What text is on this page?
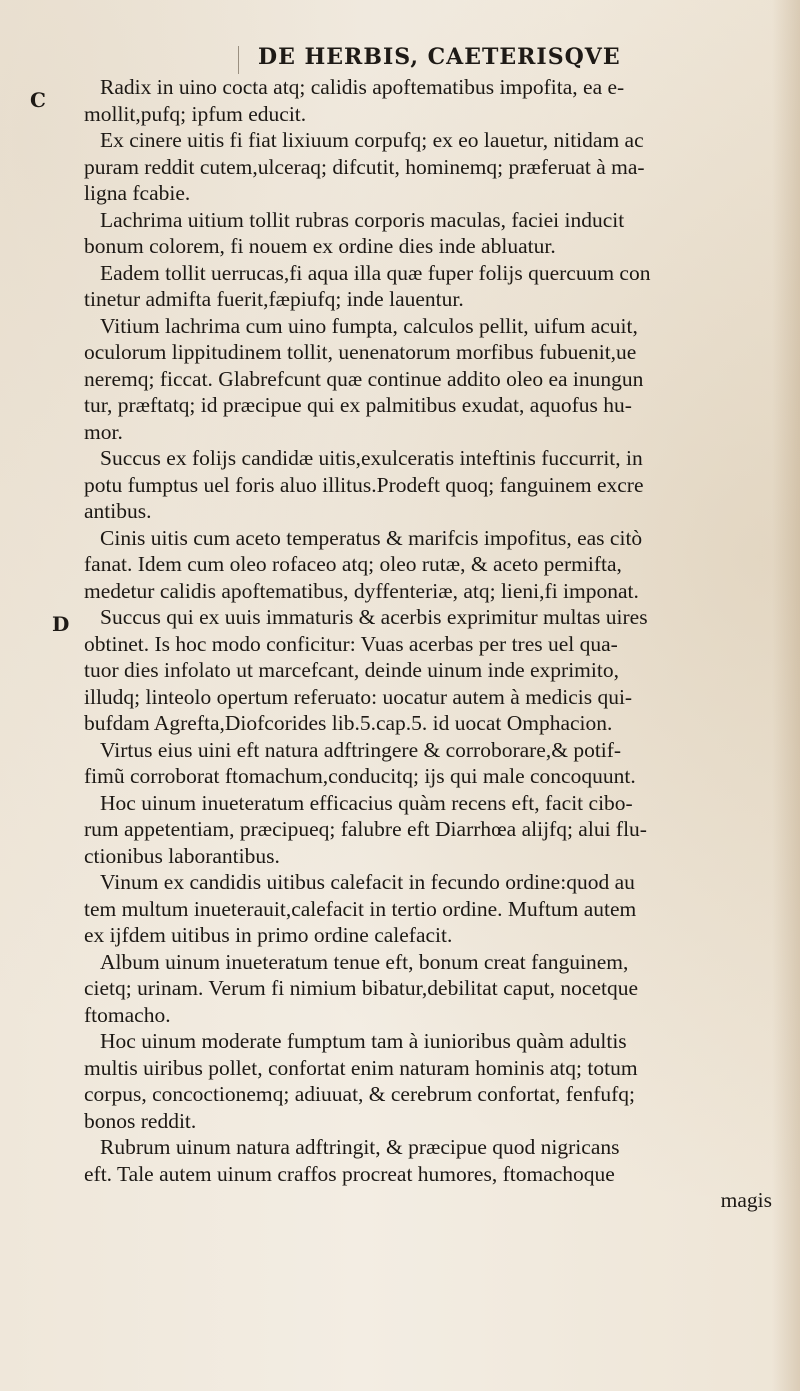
DE HERBIS, CAETERISQVE
C
D
Radix in uino cocta atq; calidis apoftematibus impofita, ea e-
mollit,pufq; ipfum educit.
Ex cinere uitis fi fiat lixiuum corpufq; ex eo lauetur, nitidam ac
puram reddit cutem,ulceraq; difcutit, hominemq; præferuat à ma-
ligna fcabie.
Lachrima uitium tollit rubras corporis maculas, faciei inducit
bonum colorem, fi nouem ex ordine dies inde abluatur.
Eadem tollit uerrucas,fi aqua illa quæ fuper folijs quercuum con
tinetur admifta fuerit,fæpiufq; inde lauentur.
Vitium lachrima cum uino fumpta, calculos pellit, uifum acuit,
oculorum lippitudinem tollit, uenenatorum morfibus fubuenit,ue
neremq; ficcat. Glabrefcunt quæ continue addito oleo ea inungun
tur, præftatq; id præcipue qui ex palmitibus exudat, aquofus hu-
mor.
Succus ex folijs candidæ uitis,exulceratis inteftinis fuccurrit, in
potu fumptus uel foris aluo illitus.Prodeft quoq; fanguinem excre
antibus.
Cinis uitis cum aceto temperatus & marifcis impofitus, eas citò
fanat. Idem cum oleo rofaceo atq; oleo rutæ, & aceto permifta,
medetur calidis apoftematibus, dyffenteriæ, atq; lieni,fi imponat.
Succus qui ex uuis immaturis & acerbis exprimitur multas uires
obtinet. Is hoc modo conficitur: Vuas acerbas per tres uel qua-
tuor dies infolato ut marcefcant, deinde uinum inde exprimito,
illudq; linteolo opertum referuato: uocatur autem à medicis qui-
bufdam Agrefta,Diofcorides lib.5.cap.5. id uocat Omphacion.
Virtus eius uini eft natura adftringere & corroborare,& potif-
fimũ corroborat ftomachum,conducitq; ijs qui male concoquunt.
Hoc uinum inueteratum efficacius quàm recens eft, facit cibo-
rum appetentiam, præcipueq; falubre eft Diarrhœa alijfq; alui flu-
ctionibus laborantibus.
Vinum ex candidis uitibus calefacit in fecundo ordine:quod au
tem multum inueterauit,calefacit in tertio ordine. Muftum autem
ex ijfdem uitibus in primo ordine calefacit.
Album uinum inueteratum tenue eft, bonum creat fanguinem,
cietq; urinam. Verum fi nimium bibatur,debilitat caput, nocetque
ftomacho.
Hoc uinum moderate fumptum tam à iunioribus quàm adultis
multis uiribus pollet, confortat enim naturam hominis atq; totum
corpus, concoctionemq; adiuuat, & cerebrum confortat, fenfufq;
bonos reddit.
Rubrum uinum natura adftringit, & præcipue quod nigricans
eft. Tale autem uinum craffos procreat humores, ftomachoque
magis
